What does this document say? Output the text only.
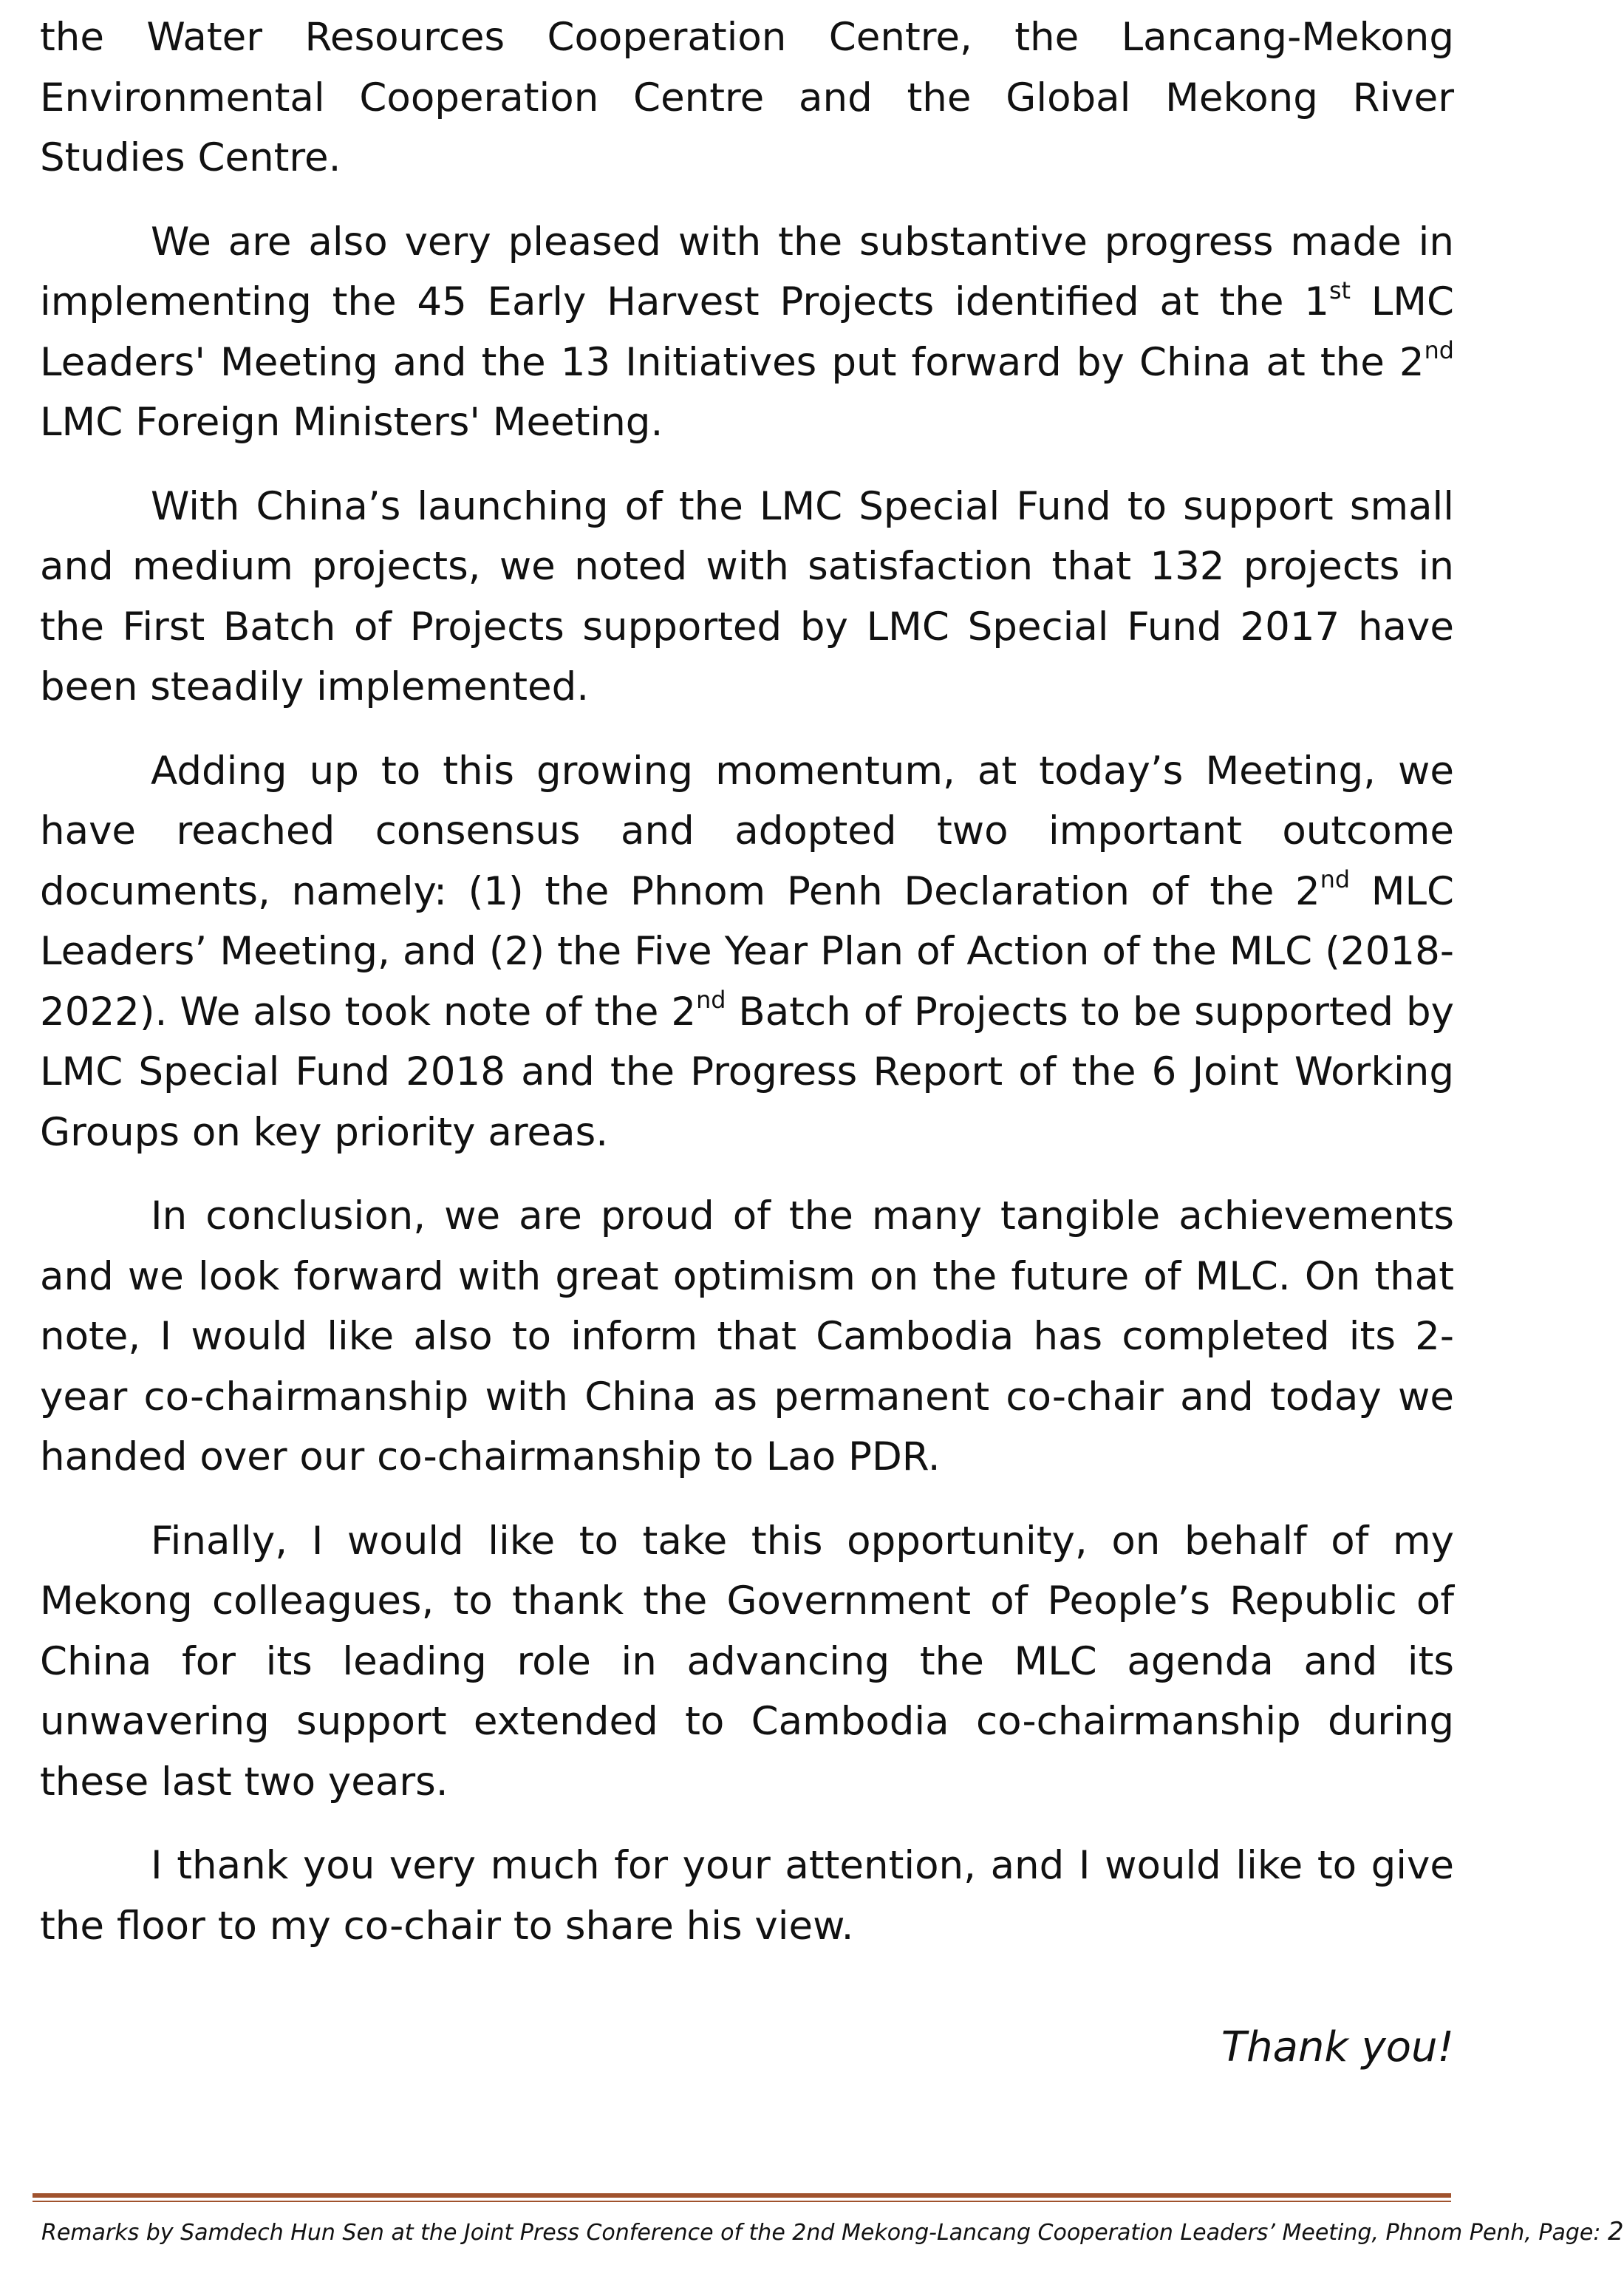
the Water Resources Cooperation Centre, the Lancang-Mekong Environmental Cooperation Centre and the Global Mekong River Studies Centre.

We are also very pleased with the substantive progress made in implementing the 45 Early Harvest Projects identified at the 1st LMC Leaders' Meeting and the 13 Initiatives put forward by China at the 2nd LMC Foreign Ministers' Meeting.

With China’s launching of the LMC Special Fund to support small and medium projects, we noted with satisfaction that 132 projects in the First Batch of Projects supported by LMC Special Fund 2017 have been steadily implemented.

Adding up to this growing momentum, at today’s Meeting, we have reached consensus and adopted two important outcome documents, namely: (1) the Phnom Penh Declaration of the 2nd MLC Leaders’ Meeting, and (2) the Five Year Plan of Action of the MLC (2018-2022). We also took note of the 2nd Batch of Projects to be supported by LMC Special Fund 2018 and the Progress Report of the 6 Joint Working Groups on key priority areas.

In conclusion, we are proud of the many tangible achievements and we look forward with great optimism on the future of MLC. On that note, I would like also to inform that Cambodia has completed its 2-year co-chairmanship with China as permanent co-chair and today we handed over our co-chairmanship to Lao PDR.

Finally, I would like to take this opportunity, on behalf of my Mekong colleagues, to thank the Government of People’s Republic of China for its leading role in advancing the MLC agenda and its unwavering support extended to Cambodia co-chairmanship during these last two years.

I thank you very much for your attention, and I would like to give the floor to my co-chair to share his view.

Thank you!
Remarks by Samdech Hun Sen at the Joint Press Conference of the 2nd Mekong-Lancang Cooperation Leaders’ Meeting, Phnom Penh, Page: 2
